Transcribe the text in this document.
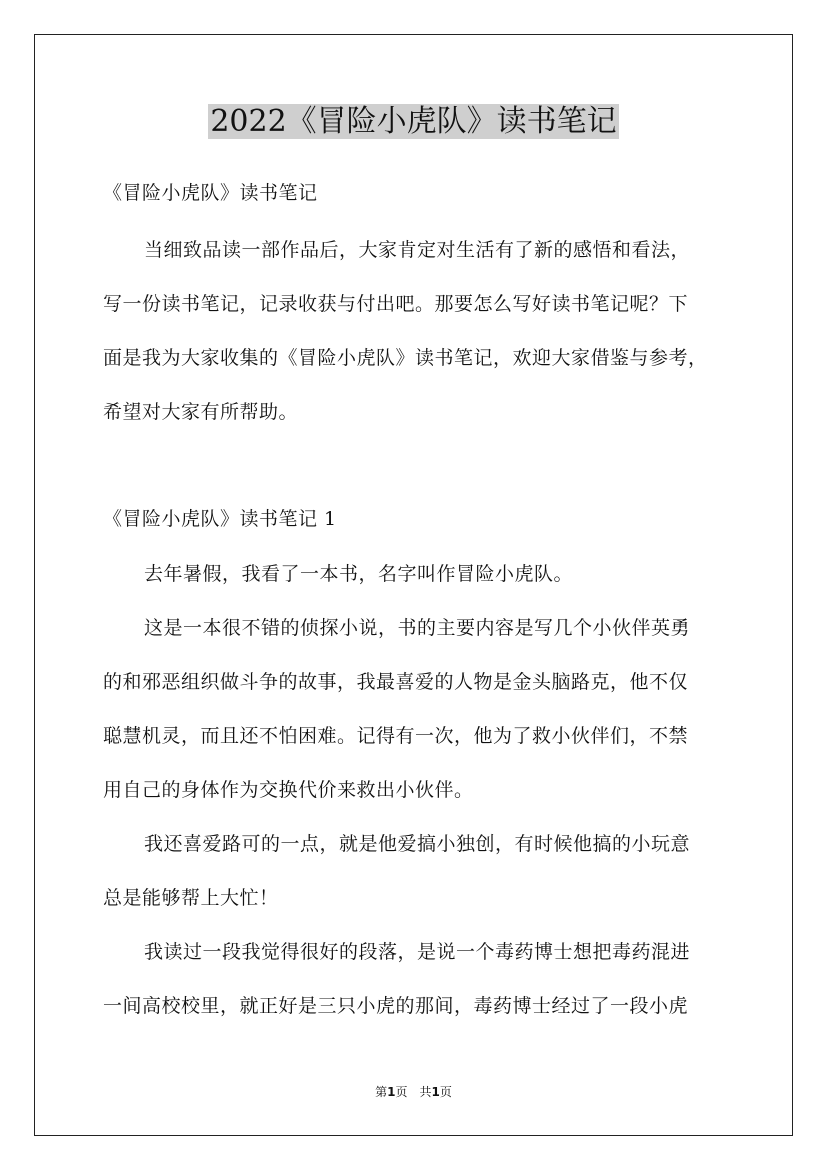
2022《冒险小虎队》读书笔记
《冒险小虎队》读书笔记
当细致品读一部作品后，大家肯定对生活有了新的感悟和看法，
写一份读书笔记，记录收获与付出吧。那要怎么写好读书笔记呢？下
面是我为大家收集的《冒险小虎队》读书笔记，欢迎大家借鉴与参考，
希望对大家有所帮助。
《冒险小虎队》读书笔记 1
去年暑假，我看了一本书，名字叫作冒险小虎队。
这是一本很不错的侦探小说，书的主要内容是写几个小伙伴英勇
的和邪恶组织做斗争的故事，我最喜爱的人物是金头脑路克，他不仅
聪慧机灵，而且还不怕困难。记得有一次，他为了救小伙伴们，不禁
用自己的身体作为交换代价来救出小伙伴。
我还喜爱路可的一点，就是他爱搞小独创，有时候他搞的小玩意
总是能够帮上大忙！
我读过一段我觉得很好的段落，是说一个毒药博士想把毒药混进
一间高校校里，就正好是三只小虎的那间，毒药博士经过了一段小虎
第1页　共1页
